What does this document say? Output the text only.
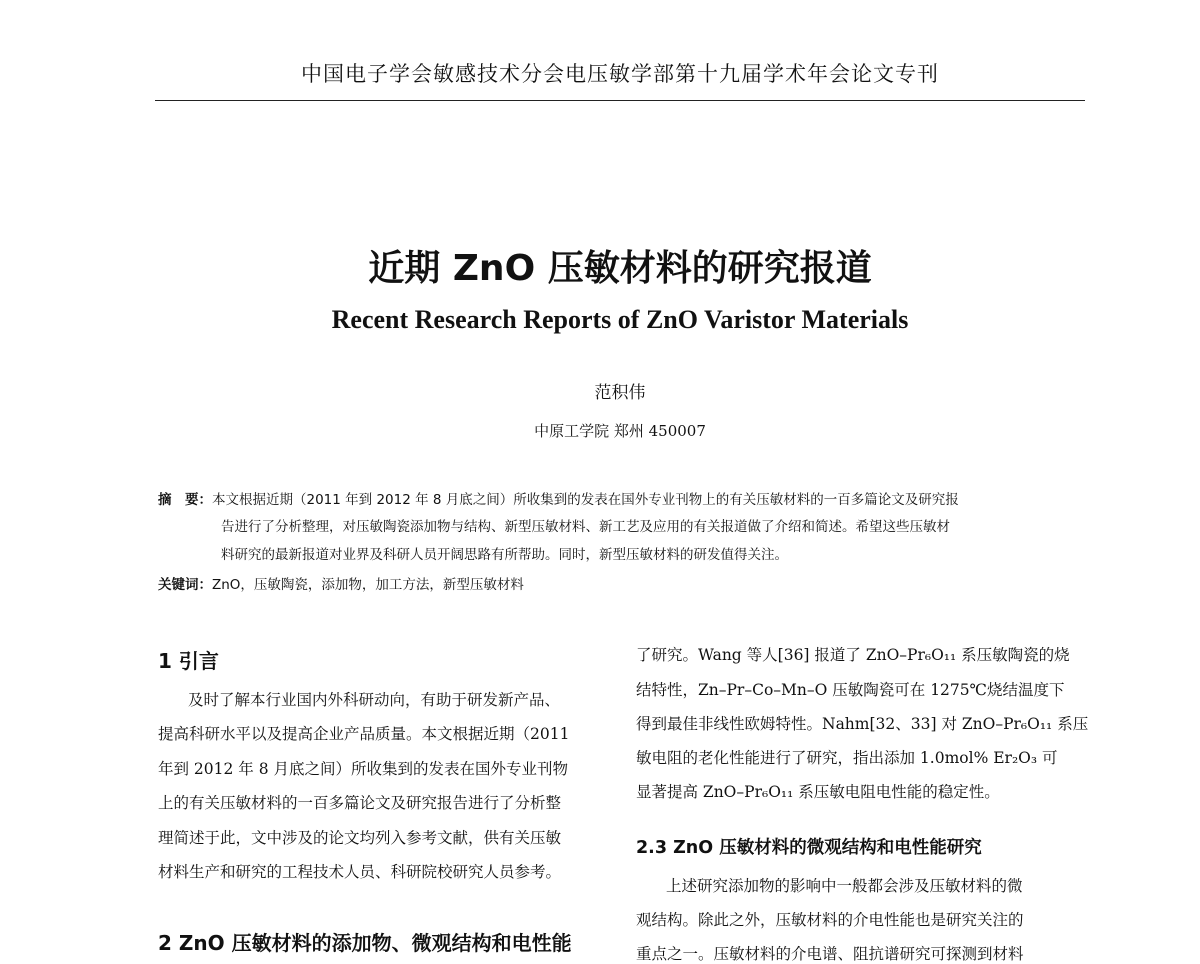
中国电子学会敏感技术分会电压敏学部第十九届学术年会论文专刊
近期 ZnO 压敏材料的研究报道
Recent Research Reports of ZnO Varistor Materials
范积伟
中原工学院 郑州 450007
摘　要：本文根据近期（2011 年到 2012 年 8 月底之间）所收集到的发表在国外专业刊物上的有关压敏材料的一百多篇论文及研究报
告进行了分析整理，对压敏陶瓷添加物与结构、新型压敏材料、新工艺及应用的有关报道做了介绍和简述。希望这些压敏材
料研究的最新报道对业界及科研人员开阔思路有所帮助。同时，新型压敏材料的研发值得关注。
关键词：ZnO，压敏陶瓷，添加物，加工方法，新型压敏材料
1 引言
及时了解本行业国内外科研动向，有助于研发新产品、
提高科研水平以及提高企业产品质量。本文根据近期（2011
年到 2012 年 8 月底之间）所收集到的发表在国外专业刊物
上的有关压敏材料的一百多篇论文及研究报告进行了分析整
理简述于此，文中涉及的论文均列入参考文献，供有关压敏
材料生产和研究的工程技术人员、科研院校研究人员参考。
2 ZnO 压敏材料的添加物、微观结构和电性能
了研究。Wang 等人[36] 报道了 ZnO–Pr₆O₁₁ 系压敏陶瓷的烧
结特性，Zn–Pr–Co–Mn–O 压敏陶瓷可在 1275℃烧结温度下
得到最佳非线性欧姆特性。Nahm[32、33] 对 ZnO–Pr₆O₁₁ 系压
敏电阻的老化性能进行了研究，指出添加 1.0mol% Er₂O₃ 可
显著提高 ZnO–Pr₆O₁₁ 系压敏电阻电性能的稳定性。
2.3 ZnO 压敏材料的微观结构和电性能研究
上述研究添加物的影响中一般都会涉及压敏材料的微
观结构。除此之外，压敏材料的介电性能也是研究关注的
重点之一。压敏材料的介电谱、阻抗谱研究可探测到材料
